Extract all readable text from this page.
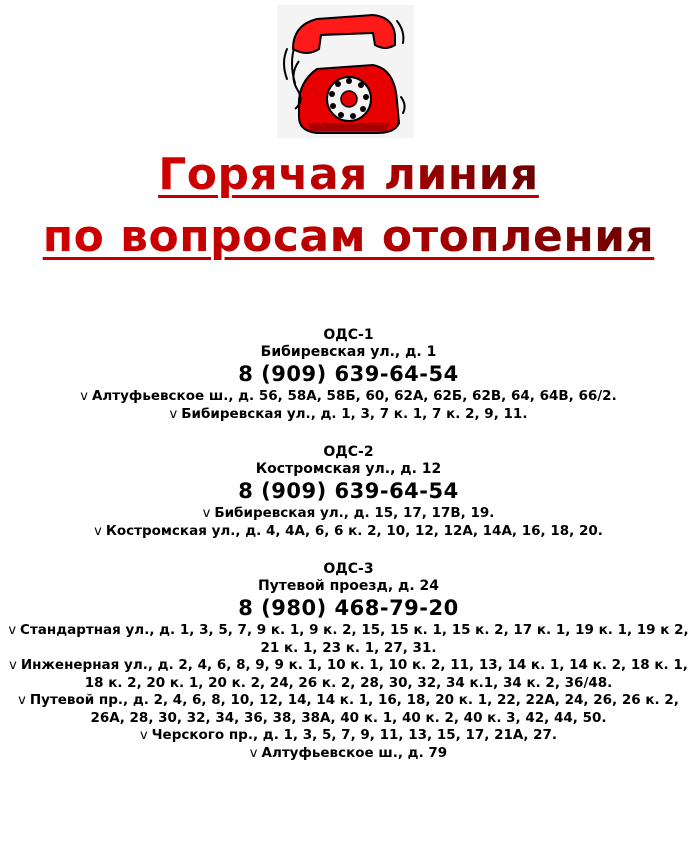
Горячая линия
по вопросам отопления
ОДС-1
Бибиревская ул., д. 1
8 (909) 639-64-54
v Алтуфьевское ш., д. 56, 58А, 58Б, 60, 62А, 62Б, 62В, 64, 64В, 66/2.
v Бибиревская ул., д. 1, 3, 7 к. 1, 7 к. 2, 9, 11.
ОДС-2
Костромская ул., д. 12
8 (909) 639-64-54
v Бибиревская ул., д. 15, 17, 17В, 19.
v Костромская ул., д. 4, 4А, 6, 6 к. 2, 10, 12, 12А, 14А, 16, 18, 20.
ОДС-3
Путевой проезд, д. 24
8 (980) 468-79-20
v Стандартная ул., д. 1, 3, 5, 7, 9 к. 1, 9 к. 2, 15, 15 к. 1, 15 к. 2, 17 к. 1, 19 к. 1, 19 к 2, 21 к. 1, 23 к. 1, 27, 31.
v Инженерная ул., д. 2, 4, 6, 8, 9, 9 к. 1, 10 к. 1, 10 к. 2, 11, 13, 14 к. 1, 14 к. 2, 18 к. 1, 18 к. 2, 20 к. 1, 20 к. 2, 24, 26 к. 2, 28, 30, 32, 34 к.1, 34 к. 2, 36/48.
v Путевой пр., д. 2, 4, 6, 8, 10, 12, 14, 14 к. 1, 16, 18, 20 к. 1, 22, 22А, 24, 26, 26 к. 2, 26А, 28, 30, 32, 34, 36, 38, 38А, 40 к. 1, 40 к. 2, 40 к. 3, 42, 44, 50.
v Черского пр., д. 1, 3, 5, 7, 9, 11, 13, 15, 17, 21А, 27.
v Алтуфьевское ш., д. 79
